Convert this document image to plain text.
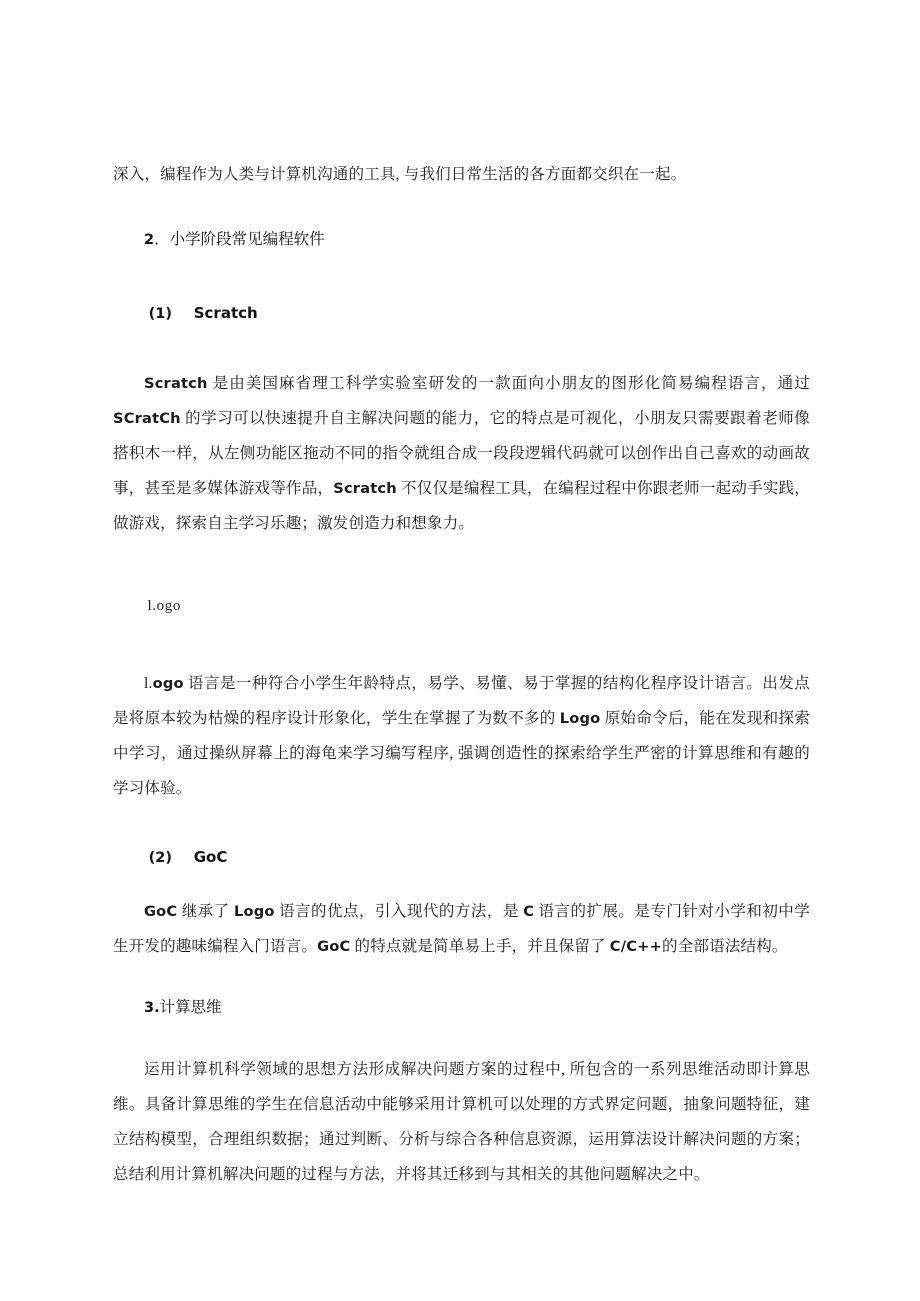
深入，编程作为人类与计算机沟通的工具, 与我们日常生活的各方面都交织在一起。

2．小学阶段常见编程软件

(1) Scratch

Scratch 是由美国麻省理工科学实验室研发的一款面向小朋友的图形化简易编程语言，通过SCratCh 的学习可以快速提升自主解决问题的能力，它的特点是可视化，小朋友只需要跟着老师像搭积木一样，从左侧功能区拖动不同的指令就组合成一段段逻辑代码就可以创作出自己喜欢的动画故事，甚至是多媒体游戏等作品，Scratch 不仅仅是编程工具，在编程过程中你跟老师一起动手实践，做游戏，探索自主学习乐趣；激发创造力和想象力。

l.ogo

l.ogo 语言是一种符合小学生年龄特点，易学、易懂、易于掌握的结构化程序设计语言。出发点是将原本较为枯燥的程序设计形象化，学生在掌握了为数不多的 Logo 原始命令后，能在发现和探索中学习，通过操纵屏幕上的海龟来学习编写程序, 强调创造性的探索给学生严密的计算思维和有趣的学习体验。

(2) GoC

GoC 继承了 Logo 语言的优点，引入现代的方法，是 C 语言的扩展。是专门针对小学和初中学生开发的趣味编程入门语言。GoC 的特点就是简单易上手，并且保留了 C/C++的全部语法结构。

3.计算思维

运用计算机科学领域的思想方法形成解决问题方案的过程中, 所包含的一系列思维活动即计算思维。具备计算思维的学生在信息活动中能够采用计算机可以处理的方式界定问题，抽象问题特征，建立结构模型，合理组织数据；通过判断、分析与综合各种信息资源，运用算法设计解决问题的方案；总结利用计算机解决问题的过程与方法，并将其迁移到与其相关的其他问题解决之中。
